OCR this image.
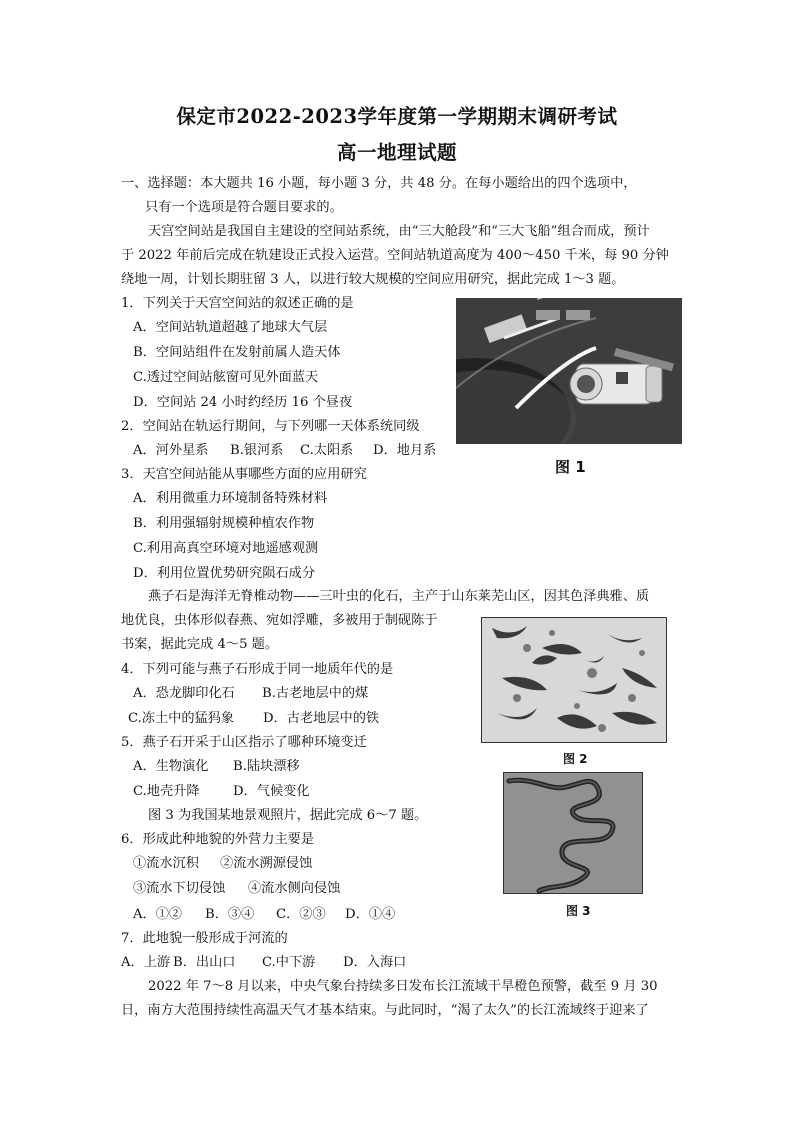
保定市2022-2023学年度第一学期期末调研考试
高一地理试题
一、选择题：本大题共 16 小题，每小题 3 分，共 48 分。在每小题给出的四个选项中，
只有一个选项是符合题目要求的。
天宫空间站是我国自主建设的空间站系统，由“三大舱段”和“三大飞船”组合而成，预计
于 2022 年前后完成在轨建设正式投入运营。空间站轨道高度为 400～450 千米，每 90 分钟
绕地一周，计划长期驻留 3 人，以进行较大规模的空间应用研究，据此完成 1～3 题。
1．下列关于天宫空间站的叙述正确的是
A．空间站轨道超越了地球大气层
B．空间站组件在发射前属人造天体
C.透过空间站舷窗可见外面蓝天
D．空间站 24 小时约经历 16 个昼夜
2．空间站在轨运行期间，与下列哪一天体系统同级
A．河外星系 B.银河系 C.太阳系 D．地月系
3．天宫空间站能从事哪些方面的应用研究
A．利用微重力环境制备特殊材料
B．利用强辐射规模种植农作物
C.利用高真空环境对地遥感观测
D．利用位置优势研究陨石成分
燕子石是海洋无脊椎动物——三叶虫的化石，主产于山东莱芜山区，因其色泽典雅、质
地优良，虫体形似春燕、宛如浮雕，多被用于制砚陈于
书案，据此完成 4～5 题。
4．下列可能与燕子石形成于同一地质年代的是
A．恐龙脚印化石 B.古老地层中的煤
C.冻土中的猛犸象 D．古老地层中的铁
5．燕子石开采于山区指示了哪种环境变迁
A．生物演化 B.陆块漂移
C.地壳升降	D．气候变化
图 3 为我国某地景观照片，据此完成 6～7 题。
6．形成此种地貌的外营力主要是
①流水沉积 ②流水溯源侵蚀
③流水下切侵蚀 ④流水侧向侵蚀
A．①② B．③④ C．②③ D．①④
7．此地貌一般形成于河流的
A．上游 B．出山口 C.中下游 D．入海口
2022 年 7～8 月以来，中央气象台持续多日发布长江流域干旱橙色预警，截至 9 月 30
日，南方大范围持续性高温天气才基本结束。与此同时，“渴了太久”的长江流域终于迎来了
图 1
图 2
图 3
